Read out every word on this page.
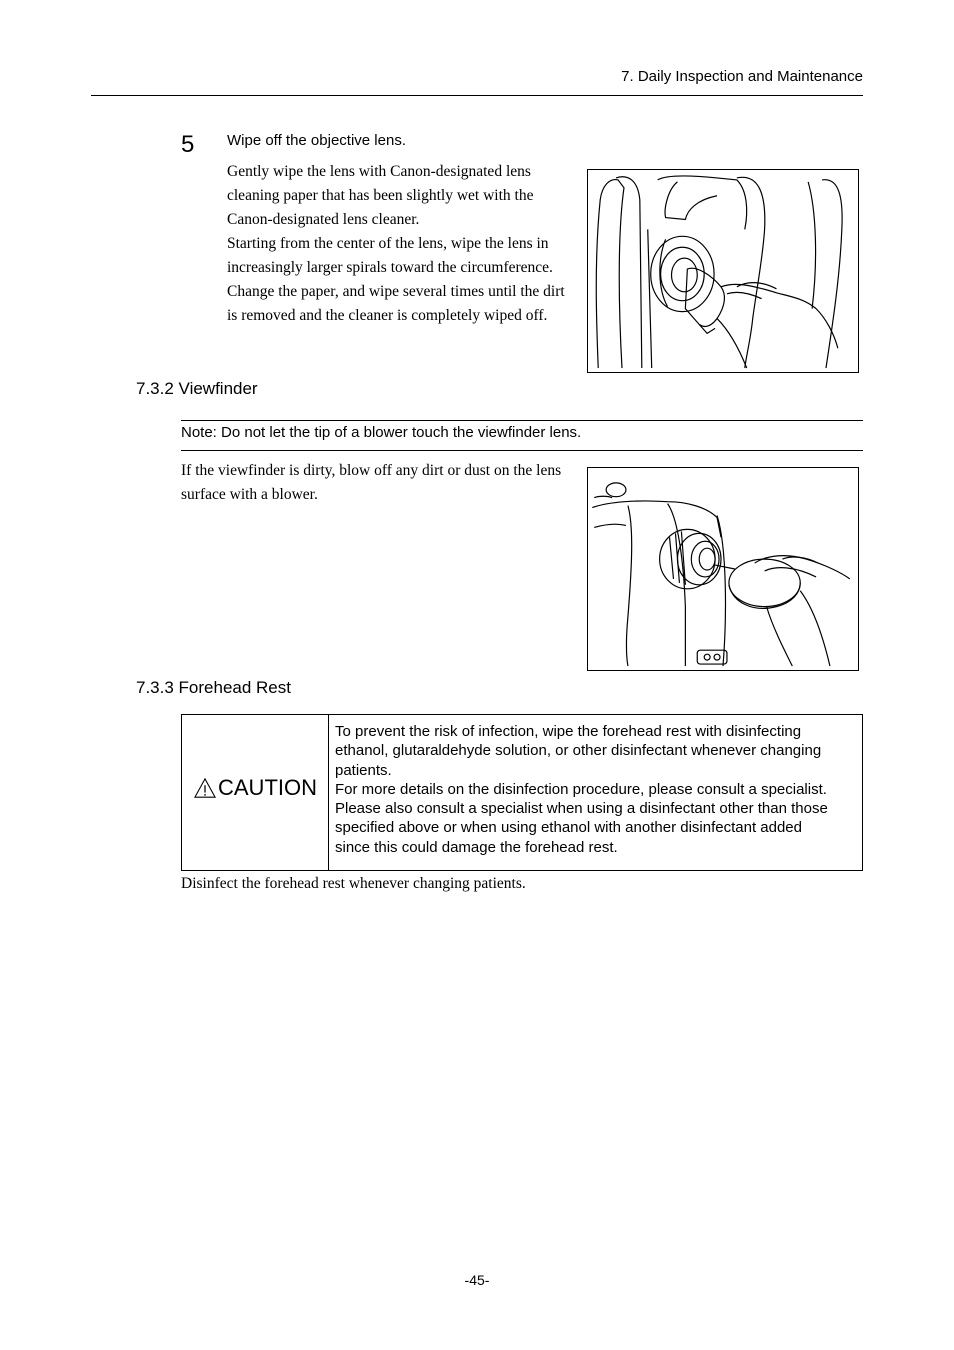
7. Daily Inspection and Maintenance
5 Wipe off the objective lens.
Gently wipe the lens with Canon-designated lens
cleaning paper that has been slightly wet with the
Canon-designated lens cleaner.
Starting from the center of the lens, wipe the lens in
increasingly larger spirals toward the circumference.
Change the paper, and wipe several times until the dirt
is removed and the cleaner is completely wiped off.
7.3.2 Viewfinder
Note: Do not let the tip of a blower touch the viewfinder lens.
If the viewfinder is dirty, blow off any dirt or dust on the lens
surface with a blower.
7.3.3 Forehead Rest
CAUTION
To prevent the risk of infection, wipe the forehead rest with disinfecting
ethanol, glutaraldehyde solution, or other disinfectant whenever changing
patients.
For more details on the disinfection procedure, please consult a specialist.
Please also consult a specialist when using a disinfectant other than those
specified above or when using ethanol with another disinfectant added
since this could damage the forehead rest.
Disinfect the forehead rest whenever changing patients.
-45-
